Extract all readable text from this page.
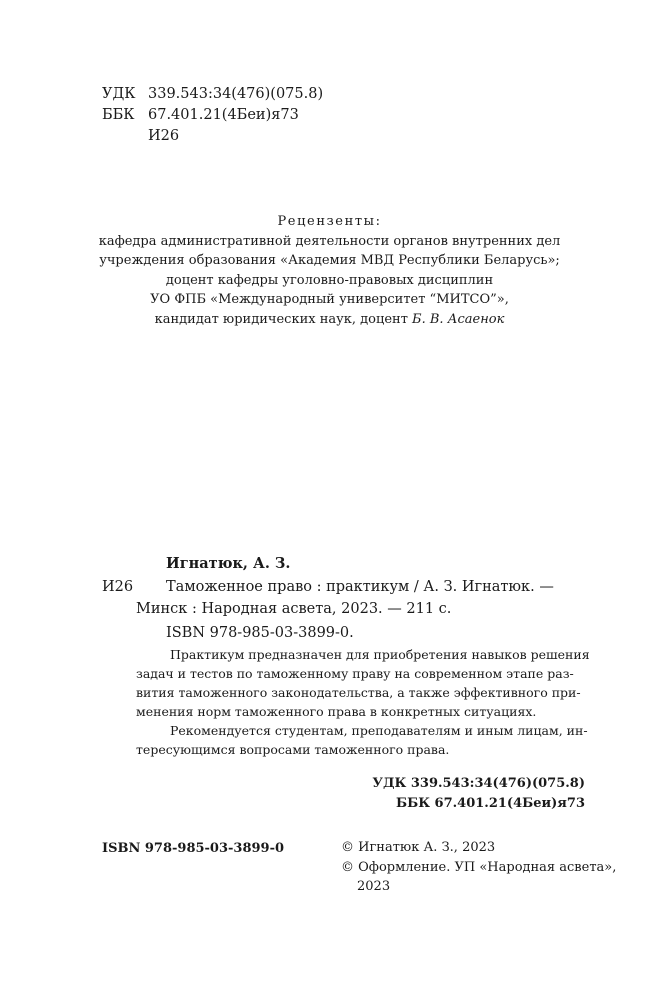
УДК 339.543:34(476)(075.8)
ББК 67.401.21(4Беи)я73
И26
Рецензенты:
кафедра административной деятельности органов внутренних дел
учреждения образования «Академия МВД Республики Беларусь»;
доцент кафедры уголовно-правовых дисциплин
УО ФПБ «Международный университет “МИТСО”»,
кандидат юридических наук, доцент Б. В. Асаенок
Игнатюк, А. З.
И26 Таможенное право : практикум / А. З. Игнатюк. —
Минск : Народная асвета, 2023. — 211 с.
ISBN 978-985-03-3899-0.

Практикум предназначен для приобретения навыков решения
задач и тестов по таможенному праву на современном этапе раз-
вития таможенного законодательства, а также эффективного при-
менения норм таможенного права в конкретных ситуациях.

Рекомендуется студентам, преподавателям и иным лицам, ин-
тересующимся вопросами таможенного права.

УДК 339.543:34(476)(075.8)
ББК 67.401.21(4Беи)я73
ISBN 978-985-03-3899-0	© Игнатюк А. З., 2023
© Оформление. УП «Народная асвета»,
2023
